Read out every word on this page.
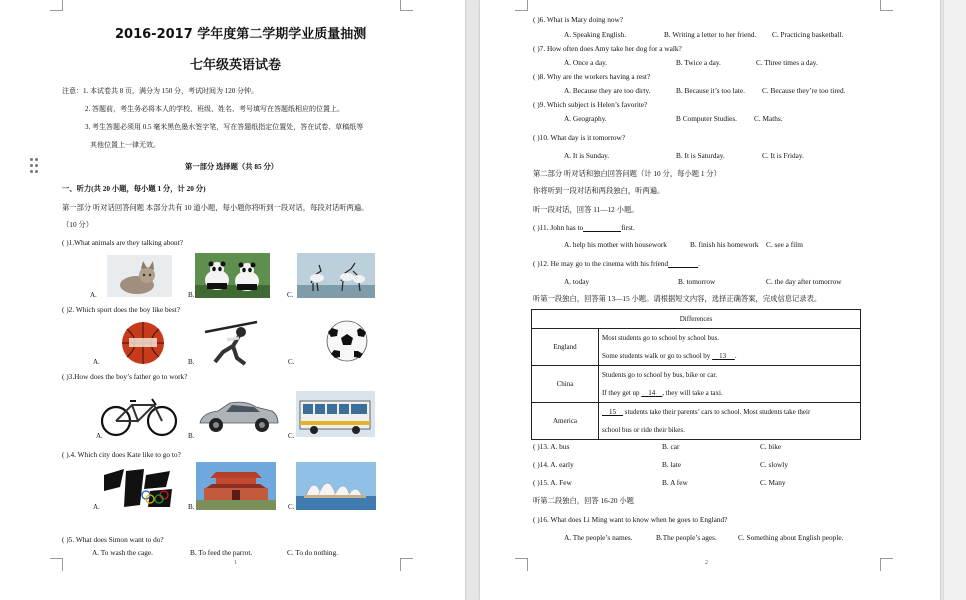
2016-2017 学年度第二学期学业质量抽测
七年级英语试卷
注意：1. 本试卷共 8 页，满分为 150 分，考试时间为 120 分钟。
2. 答题前，考生务必将本人的学校、班级、姓名、考号填写在答题纸相应的位置上。
3. 考生答题必须用 0.5 毫米黑色墨水签字笔，写在答题纸指定位置处，答在试卷、草稿纸等
其他位置上一律无效。
第一部分 选择题（共 85 分）
一、听力(共 20 小题，每小题 1 分，计 20 分)
第一部分 听对话回答问题 本部分共有 10 道小题，每小题你将听到一段对话，每段对话听两遍。
（10 分）
( )1.What animals are they talking about?
A.	B.	C.
( )2. Which sport does the boy like best?
A.	B.	C.
( )3.How does the boy’s father go to work?
A.	B.	C.
( ).4. Which city does Kate like to go to?
A.	B.	C.
( )5. What does Simon want to do?
A. To wash the cage.	B. To feed the parrot.	C. To do nothing.
1	2
( )6. What is Mary doing now?
A. Speaking English.	B. Writing a letter to her friend. C. Practicing basketball.
( )7. How often does Amy take her dog for a walk?
A. Once a day.	B. Twice a day.	C. Three times a day.
( )8. Why are the workers having a rest?
A. Because they are too dirty.	B. Because it’s too late. C. Because they’re too tired.
( )9. Which subject is Helen’s favorite?
A. Geography.	B Computer Studies. C. Maths.
( )10. What day is it tomorrow?
A. It is Sunday.	B. It is Saturday.	C. It is Friday.
第二部分 听对话和独白回答问题（计 10 分，每小题 1 分）
你将听到一段对话和两段独白，听两遍。
听一段对话，回答 11—12 小题。
( )11. John has to	first.
A. help his mother with housework	B. finish his homework C. see a film
( )12. He may go to the cinema with his friend	.
A. today	B. tomorrow	C. the day after tomorrow
听第一段独白，回答第 13—15 小题。请根据短文内容，选择正确答案，完成信息记录表。
Differences	
England	Most students go to school by school bus.
Some students walk or go to school by 13 .

China	Students go to school by bus, bike or car.
If they get up 14 , they will take a taxi.

America	15 students take their parents’ cars to school. Most students take their
school bus or ride their bikes.
( )13. A. bus	B. car	C. bike
( )14. A. early	B. late	C. slowly
( )15. A. Few	B. A few	C. Many
听第二段独白，回答 16-20 小题
( )16. What does Li Ming want to know when he goes to England?
A. The people’s names.	B.The people’s ages.	C. Something about English people.
